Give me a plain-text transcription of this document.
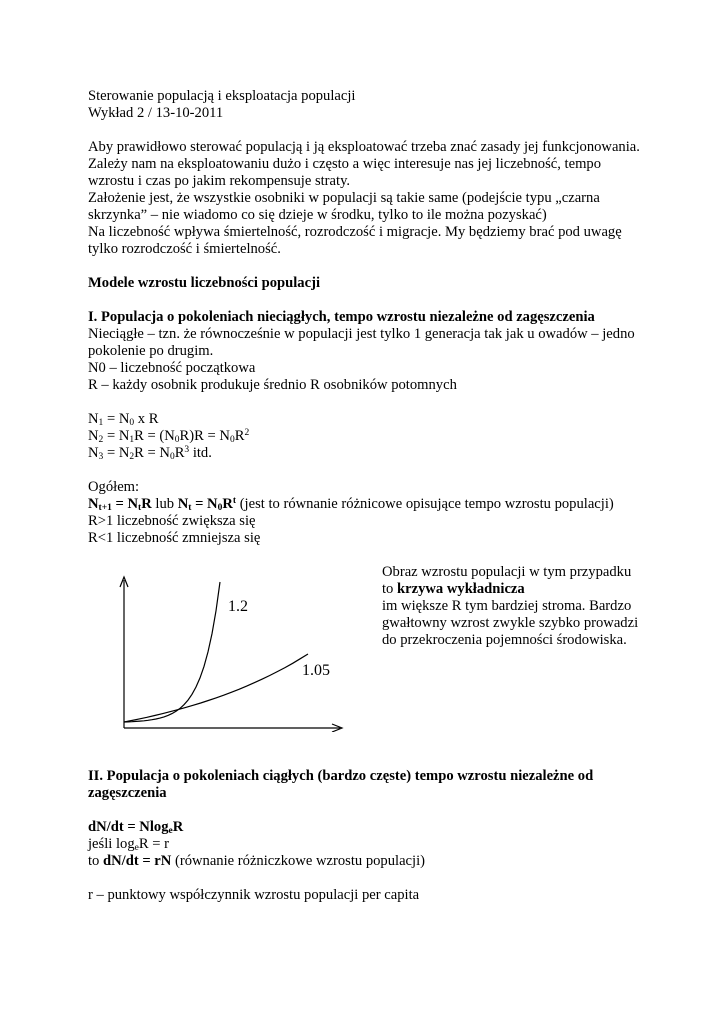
Sterowanie populacją i eksploatacja populacji

Wykład 2 / 13-10-2011

Aby prawidłowo sterować populacją i ją eksploatować trzeba znać zasady jej funkcjonowania.

Zależy nam na eksploatowaniu dużo i często a więc interesuje nas jej liczebność, tempo wzrostu i czas po jakim rekompensuje straty.

Założenie jest, że wszystkie osobniki w populacji są takie same (podejście typu „czarna skrzynka” – nie wiadomo co się dzieje w środku, tylko to ile można pozyskać)

Na liczebność wpływa śmiertelność, rozrodczość i migracje. My będziemy brać pod uwagę tylko rozrodczość i śmiertelność.

Modele wzrostu liczebności populacji

I. Populacja o pokoleniach nieciągłych, tempo wzrostu niezależne od zagęszczenia

Nieciągłe – tzn. że równocześnie w populacji jest tylko 1 generacja tak jak u owadów – jedno pokolenie po drugim.

N0 – liczebność początkowa

R – każdy osobnik produkuje średnio R osobników potomnych

$N_1 = N_0$ x R

$N_2 = N_1R = (N_0R)R = N_0R^2$

$N_3 = N_2R = N_0R^3$ itd.

Ogółem:

$N_{t+1} = N_tR$ lub $N_t = N_0R^t$ (jest to równanie różnicowe opisujące tempo wzrostu populacji)

R>1 liczebność zwiększa się

R<1 liczebność zmniejsza się

1.2
1.05

Obraz wzrostu populacji w tym przypadku

to krzywa wykładnicza

im większe R tym bardziej stroma. Bardzo gwałtowny wzrost zwykle szybko prowadzi do przekroczenia pojemności środowiska.

II. Populacja o pokoleniach ciągłych (bardzo częste) tempo wzrostu niezależne od zagęszczenia

dN/dt = Nlog$_e$R

jeśli $\log_eR = r$

to dN/dt = rN (równanie różniczkowe wzrostu populacji)

r – punktowy współczynnik wzrostu populacji per capita
